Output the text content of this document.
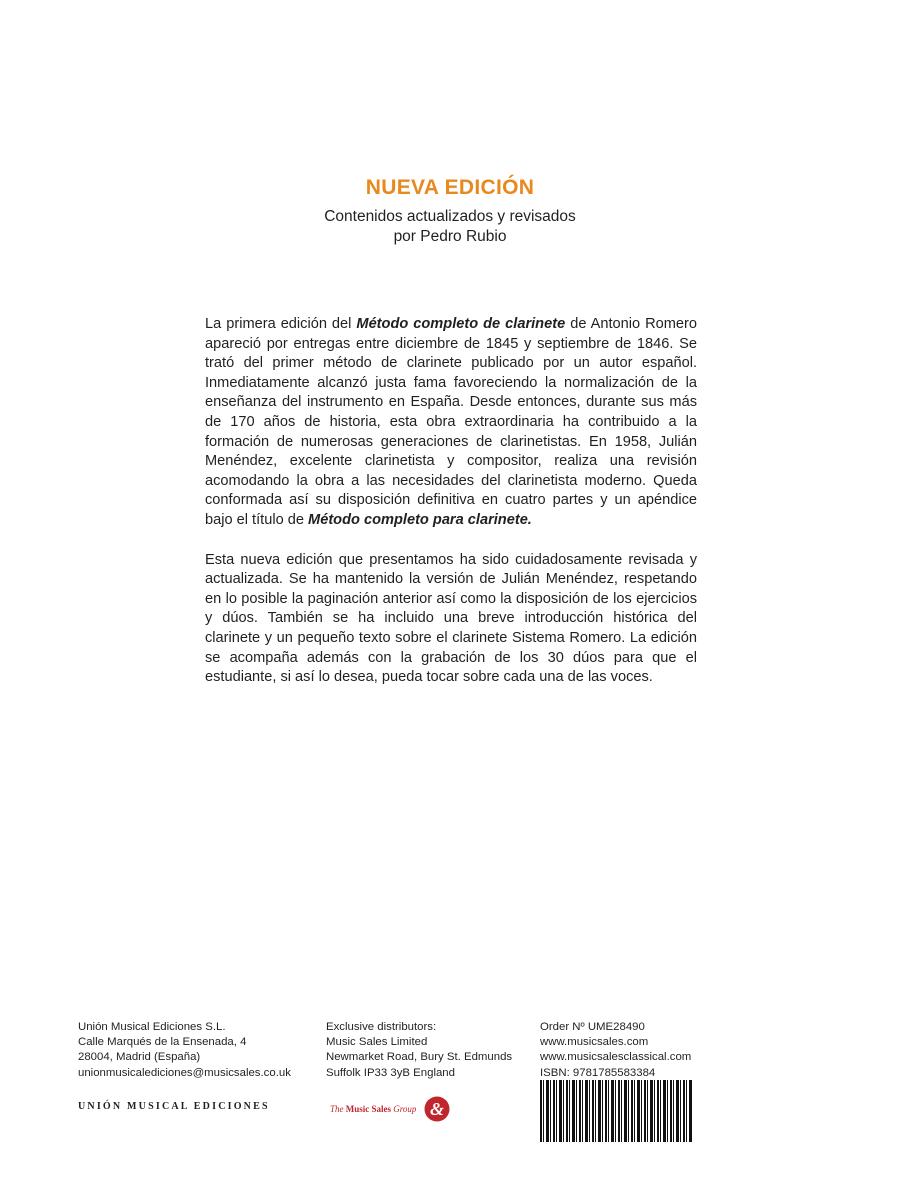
NUEVA EDICIÓN
Contenidos actualizados y revisados
por Pedro Rubio

La primera edición del Método completo de clarinete de Antonio Romero apareció por entregas entre diciembre de 1845 y septiembre de 1846. Se trató del primer método de clarinete publicado por un autor español. Inmediatamente alcanzó justa fama favoreciendo la normalización de la enseñanza del instrumento en España. Desde entonces, durante sus más de 170 años de historia, esta obra extraordinaria ha contribuido a la formación de numerosas generaciones de clarinetistas. En 1958, Julián Menéndez, excelente clarinetista y compositor, realiza una revisión acomodando la obra a las necesidades del clarinetista moderno. Queda conformada así su disposición definitiva en cuatro partes y un apéndice bajo el título de Método completo para clarinete.

Esta nueva edición que presentamos ha sido cuidadosamente revisada y actualizada. Se ha mantenido la versión de Julián Menéndez, respetando en lo posible la paginación anterior así como la disposición de los ejercicios y dúos. También se ha incluido una breve introducción histórica del clarinete y un pequeño texto sobre el clarinete Sistema Romero. La edición se acompaña además con la grabación de los 30 dúos para que el estudiante, si así lo desea, pueda tocar sobre cada una de las voces.

Unión Musical Ediciones S.L.
Calle Marqués de la Ensenada, 4
28004, Madrid (España)
unionmusicalediciones@musicsales.co.uk
Exclusive distributors:
Music Sales Limited
Newmarket Road, Bury St. Edmunds
Suffolk IP33 3yB England
Order Nº UME28490
www.musicsales.com
www.musicsalesclassical.com
ISBN: 9781785583384
UNIÓN MUSICAL EDICIONES	The Music Sales Group &
